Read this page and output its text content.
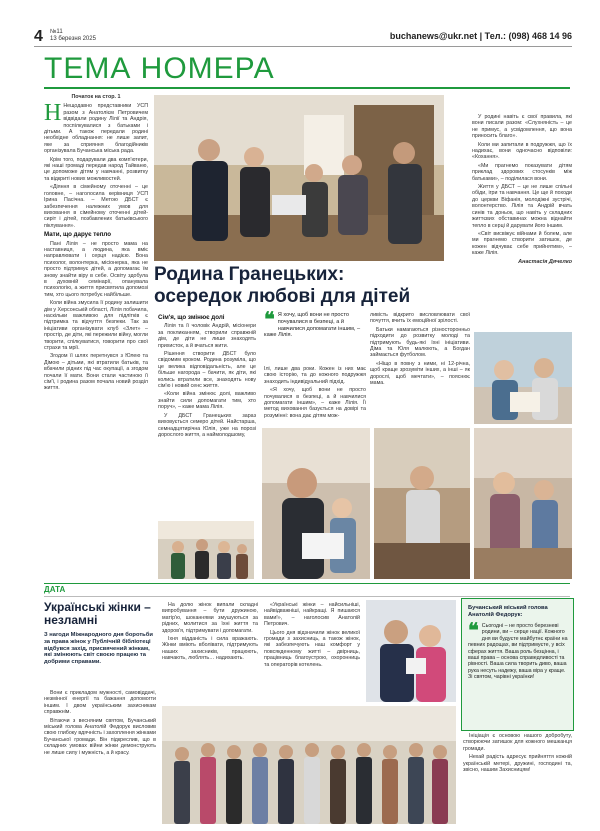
4 №11
13 березня 2025	buchanews@ukr.net | Тел.: (098) 468 14 96
ТЕМА НОМЕРА
Початок на стор. 1

Н Нещодавно представники УСП разом з Анатолієм Петровичем відвідали родину Лілії та Андрія, поспілкувалися з батьками і дітьми. А також передали родині необхідне обладнання: не лише запит, яке за сприяння благодійників організувала Бучанська міська рада.

Крім того, подарували два комп'ютери, які наші громаді передав народ Тайваню, це допоможе дітям у навчанні, розвитку та відкриті нових можливостей.

«Діяння в сімейному оточенні – це головне, – наголосила керівниця УСП Ірина Пасічна. – Метою ДБСТ є забезпечення належних умов для виховання в сімейному оточенні дітей-сиріт і дітей, позбавлених батьківського піклування».

Мати, що дарує тепло

Пані Лілія – не просто мама на наставниця, а людина, яка вміє направлювати і серця надією. Вона психолог, волонтерка, місіонерка, яка не просто підтримує дітей, а допомагає їм знову знайти віру в себе. Освіту здобула в духовній семінарії, опанувала психологію, а життя присвятила допомозі тим, хто цього потребує найбільше.

Коли війна змусила її родину залишити дім у Херсонській області, Лілія побачила, наскільки важливою для підлітків є підтримка та відчуття безпеки. Так за ініціативи організувати клуб «Злет» – простір, де діти, які пережили війну, могли творити, спілкуватися, говорити про свої страхи та мрії.

Згодом її шлях перетнувся з Юлею та Дімою – дітьми, які втратили батьків, та вбачили рідних під час окупації, а згодом почали її мати. Вони стали частиною її сім'ї, і родина разом почала новий розділ життя.

Родина Гранецьких:
осередок любові для дітей
Сім'я, що змінює долі

Лілія та її чоловік Андрій, місіонери за покликанням, створили справжній дім, де діти не лише знаходять прихисток, а й вчаться жити.

Рішення створити ДБСТ було свідомим кроком. Родина розуміла, що це велика відповідальність, але це більше нагорода – бачити, як діти, які колись втратили все, знаходять нову сім'ю і новий сенс життя.

«Коли війна змінює долі, важливо знайти сили допомагати тим, хто поруч», – каже мама Лілія.

У ДБСТ Гранецьких зараз виховується семеро дітей. Найстарша, семнадцятирічна Юлія, уже на порозі дорослого життя, а наймолодшому,

❝ Я хочу, щоб вони не просто почувалися в безпеці, а й навчилися допомагати іншим, – каже Лілія.

Ілі, лише два роки. Кожен із них має свою історію, та до кожного подружжя знаходить індивідуальний підхід.

«Я хочу, щоб вони не просто почувалися в безпеці, а й навчилися допомагати іншим», – каже Лілія. Її метод виховання базується на довірі та розумінні: вона дає дітям мож-

ливість відкрито висловлювати свої почуття, вчить їх емоційної зрілості.

Батьки намагаються різносторонньо підходити до розвитку молоді та підтримують будь-які їхні ініціативи. Діма та Юля малюють, а Богдан займається футболом.

«Ніщо в повну з ними, ні 12-річна, щоб краще зрозуміти інших, а інші – як дорослі, щоб мечтати», – пояснює мама.

У родині навіть є свої правила, які вони писали разом: «Слухняність – це не примус, а усвідомлення, що вона приносить благо».

Коли ми запитали в подружжя, що їх надихає, вони одночасно відповіли: «Кохання».

«Ми прагнемо показувати дітям приклад здорових стосунків між батьками», – поділилася вони.

Життя у ДБСТ – це не лише спільні обіди, ігри та навчання. Це ще й походи до церкви Віфанія, молодіжні зустрічі, волонтерство. Лілія та Андрій вчать синів та доньок, що навіть у складних життєвих обставинах можна віднайти тепло в серці й дарувати його іншим.

«Світ висвіжує війнами й болем, але ми прагнемо створити затишок, де кожен відчуває себе прийнятим», – каже Лілія.

Анастасія Дячелко
ДАТА
Українські жінки – незламні
З нагоди Міжнародного дня боротьби за права жінок у Публічній бібліотеці відбувся захід, присвячений жінкам, які змінюють світ своєю працею та добрими справами.

Вони є прикладом мужності, самовіддачі, незмінної енергії та бажання допомогти іншим. І двом українським захисникам справжнім.

Вітаючи з весняним святом, Бучанський міський голова Анатолій Федорук висловив свою глибоку вдячність і захоплення жінками Бучанської громади. Він підкреслив, що в складних умовах війни жінки демонструють не лише силу і мужність, а й красу.

На долю жінок випали складні випробування – бути дружиною, матір'ю, шоканнями змушуються за рідних, молитися за їхні життя та здоров'я, підтримувати і допомагати.

Іхня відданість і сила вражають. Жінки вміють вболівати, підтримують наших захисників, працюють, навчають, люблять… надихають.

«Українські жінки – найсильніші, найвідважніші, найкращі. Я пишаюся вами!», – наголосив Анатолій Петрович.

Цього дня відзначили жінок великої громади з захисниць, а також жінок, які забезпечують наш комфорт у повсякденному житті – двірниць, працівниць благоустрою, охоронниць та операторів котелень.

Бучанський міський голова Анатолій Федорук:
❝ Сьогодні – не просто березневі родини, ви – серце нації. Кожного дня ви будуєте майбутнє країни на певних радощах, ви підтримуєте, у всіх сферах життя. Ваша роль безцінна, і ваші права – основа справедливості та рівності. Ваша сила творить диво, ваша рука несуть надежу, ваша віра у краще. Зі святом, чарівні українки!

Ініціація є основою нашого добробуту, створюючи затишок для кожного мешканця громади.

Нехай радість адресує прийняття кожній українській метері, дружині, господині та, звісно, нашим Захисницям!
